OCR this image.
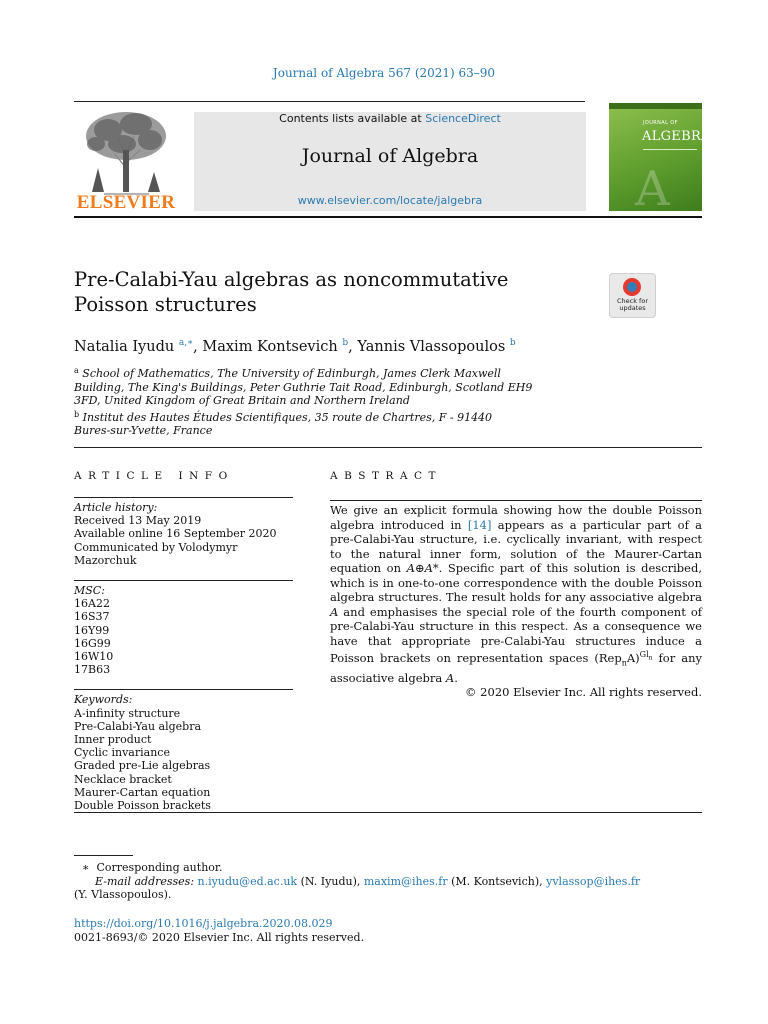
Journal of Algebra 567 (2021) 63–90
ELSEVIER
Contents lists available at ScienceDirect
Journal of Algebra
www.elsevier.com/locate/jalgebra
JOURNAL OF
ALGEBRA
A
Pre-Calabi-Yau algebras as noncommutative
Poisson structures	Check for
updates
Natalia Iyudu $^{a,∗}$, Maxim Kontsevich $^b$, Yannis Vlassopoulos $^b$
$^a$ School of Mathematics, The University of Edinburgh, James Clerk Maxwell
Building, The King's Buildings, Peter Guthrie Tait Road, Edinburgh, Scotland EH9
3FD, United Kingdom of Great Britain and Northern Ireland
$^b$ Institut des Hautes Études Scientifiques, 35 route de Chartres, F - 91440
Bures-sur-Yvette, France
ARTICLE INFO	ABSTRACT
Article history:
Received 13 May 2019
Available online 16 September 2020
Communicated by Volodymyr
Mazorchuk
MSC:
16A22
16S37
16Y99
16G99
16W10
17B63
Keywords:
A-infinity structure
Pre-Calabi-Yau algebra
Inner product
Cyclic invariance
Graded pre-Lie algebras
Necklace bracket
Maurer-Cartan equation
Double Poisson brackets
We give an explicit formula showing how the double Poisson algebra introduced in [14] appears as a particular part of a pre-Calabi-Yau structure, i.e. cyclically invariant, with respect to the natural inner form, solution of the Maurer-Cartan equation on A⊕A*. Specific part of this solution is described, which is in one-to-one correspondence with the double Poisson algebra structures. The result holds for any associative algebra A and emphasises the special role of the fourth component of pre-Calabi-Yau structure in this respect. As a consequence we have that appropriate pre-Calabi-Yau structures induce a Poisson brackets on representation spaces $(Rep_nA)^{Gl_n}$ for any associative algebra A.
© 2020 Elsevier Inc. All rights reserved.
∗ Corresponding author.
E-mail addresses: n.iyudu@ed.ac.uk (N. Iyudu), maxim@ihes.fr (M. Kontsevich), yvlassop@ihes.fr
(Y. Vlassopoulos).
https://doi.org/10.1016/j.jalgebra.2020.08.029
0021-8693/© 2020 Elsevier Inc. All rights reserved.
